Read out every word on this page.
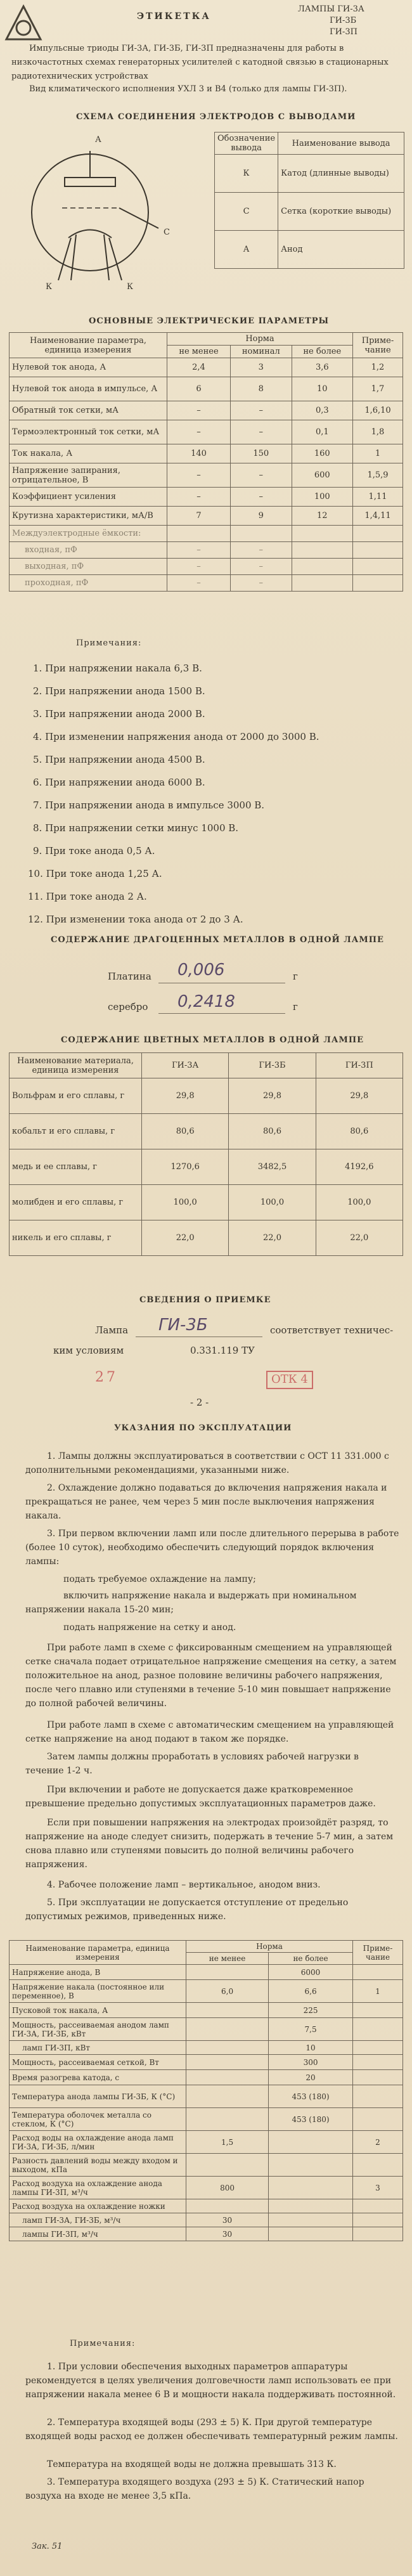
ЭТИКЕТКА
ЛАМПЫ ГИ-3А
ГИ-3Б
ГИ-3П
Импульсные триоды ГИ-3А, ГИ-3Б, ГИ-3П предназначены для работы в низкочастотных схемах генераторных усилителей с катодной связью в стационарных радиотехнических устройствах
Вид климатического исполнения УХЛ 3 и В4 (только для лампы ГИ-3П).
СХЕМА СОЕДИНЕНИЯ ЭЛЕКТРОДОВ С ВЫВОДАМИ
А
С
К	К
Обозначение вывода	Наименование вывода
К	Катод (длинные выводы)
С	Сетка (короткие выводы)
А	Анод
ОСНОВНЫЕ ЭЛЕКТРИЧЕСКИЕ ПАРАМЕТРЫ
Наименование параметра, единица измерения	Норма			Приме-чание
	не менее	номинал	не более	
Нулевой ток анода, А	2,4	3	3,6	1,2
Нулевой ток анода в импульсе, А	6	8	10	1,7
Обратный ток сетки, мА	–	–	0,3	1,6,10
Термоэлектронный ток сетки, мА	–	–	0,1	1,8
Ток накала, А	140	150	160	1
Напряжение запирания, отрицательное, В	–	–	600	1,5,9
Коэффициент усиления	–	–	100	1,11
Крутизна характеристики, мА/В	7	9	12	1,4,11
Междуэлектродные ёмкости:				
входная, пФ	–	–		
выходная, пФ	–	–		
проходная, пФ	–	–		
Примечания:
1. При напряжении накала 6,3 В.
2. При напряжении анода 1500 В.
3. При напряжении анода 2000 В.
4. При изменении напряжения анода от 2000 до 3000 В.
5. При напряжении анода 4500 В.
6. При напряжении анода 6000 В.
7. При напряжении анода в импульсе 3000 В.
8. При напряжении сетки минус 1000 В.
9. При токе анода 0,5 А.
10. При токе анода 1,25 А.
11. При токе анода 2 А.
12. При изменении тока анода от 2 до 3 А.
СОДЕРЖАНИЕ ДРАГОЦЕННЫХ МЕТАЛЛОВ В ОДНОЙ ЛАМПЕ
Платина 0,006	г
серебро 0,2418	г
СОДЕРЖАНИЕ ЦВЕТНЫХ МЕТАЛЛОВ В ОДНОЙ ЛАМПЕ
Наименование материала, единица измерения	ГИ-3А	ГИ-3Б	ГИ-3П
Вольфрам и его сплавы, г	29,8	29,8	29,8
кобальт и его сплавы, г	80,6	80,6	80,6
медь и ее сплавы, г	1270,6	3482,5	4192,6
молибден и его сплавы, г	100,0	100,0	100,0
никель и его сплавы, г	22,0	22,0	22,0
СВЕДЕНИЯ О ПРИЕМКЕ
Лампа ГИ-3Б	соответствует техничес-
ким условиям	0.331.119 ТУ
27	ОТК 4
- 2 -
УКАЗАНИЯ ПО ЭКСПЛУАТАЦИИ
1. Лампы должны эксплуатироваться в соответствии с ОСТ 11 331.000 с дополнительными рекомендациями, указанными ниже.
2. Охлаждение должно подаваться до включения напряжения накала и прекращаться не ранее, чем через 5 мин после выключения напряжения накала.
3. При первом включении ламп или после длительного перерыва в работе (более 10 суток), необходимо обеспечить следующий порядок включения лампы:
подать требуемое охлаждение на лампу;
включить напряжение накала и выдержать при номинальном напряжении накала 15-20 мин;
подать напряжение на сетку и анод.
При работе ламп в схеме с фиксированным смещением на управляющей сетке сначала подает отрицательное напряжение смещения на сетку, а затем положительное на анод, разное половине величины рабочего напряжения, после чего плавно или ступенями в течение 5-10 мин повышает напряжение до полной рабочей величины.
При работе ламп в схеме с автоматическим смещением на управляющей сетке напряжение на анод подают в таком же порядке.
Затем лампы должны проработать в условиях рабочей нагрузки в течение 1-2 ч.
При включении и работе не допускается даже кратковременное превышение предельно допустимых эксплуатационных параметров даже.
Если при повышении напряжения на электродах произойдёт разряд, то напряжение на аноде следует снизить, подержать в течение 5-7 мин, а затем снова плавно или ступенями повысить до полной величины рабочего напряжения.
4. Рабочее положение ламп – вертикальное, анодом вниз.
5. При эксплуатации не допускается отступление от предельно допустимых режимов, приведенных ниже.
Наименование параметра, единица измерения	Норма		Приме-чание
	не менее	не более	
Напряжение анода, В		6000	
Напряжение накала (постоянное или переменное), В	6,0	6,6	1
Пусковой ток накала, А		225	
Мощность, рассеиваемая анодом ламп ГИ-3А, ГИ-3Б, кВт		7,5	
ламп ГИ-3П, кВт		10	
Мощность, рассеиваемая сеткой, Вт		300	
Время разогрева катода, с		20	
Температура анода лампы ГИ-3Б, К (°С)		453 (180)	
Температура оболочек металла со стеклом, К (°С)		453 (180)	
Расход воды на охлаждение анода ламп ГИ-3А, ГИ-3Б, л/мин	1,5		2
Разность давлений воды между входом и выходом, кПа			
Расход воздуха на охлаждение анода лампы ГИ-3П, м³/ч	800		3
Расход воздуха на охлаждение ножки			
ламп ГИ-3А, ГИ-3Б, м³/ч	30		
лампы ГИ-3П, м³/ч	30		
Примечания:
1. При условии обеспечения выходных параметров аппаратуры рекомендуется в целях увеличения долговечности ламп использовать ее при напряжении накала менее 6 В и мощности накала поддерживать постоянной.
2. Температура входящей воды (293 ± 5) К. При другой температуре входящей воды расход ее должен обеспечивать температурный режим лампы.
Температура на входящей воды не должна превышать 313 К.
3. Температура входящего воздуха (293 ± 5) К. Статический напор воздуха на входе не менее 3,5 кПа.
Зак. 51
